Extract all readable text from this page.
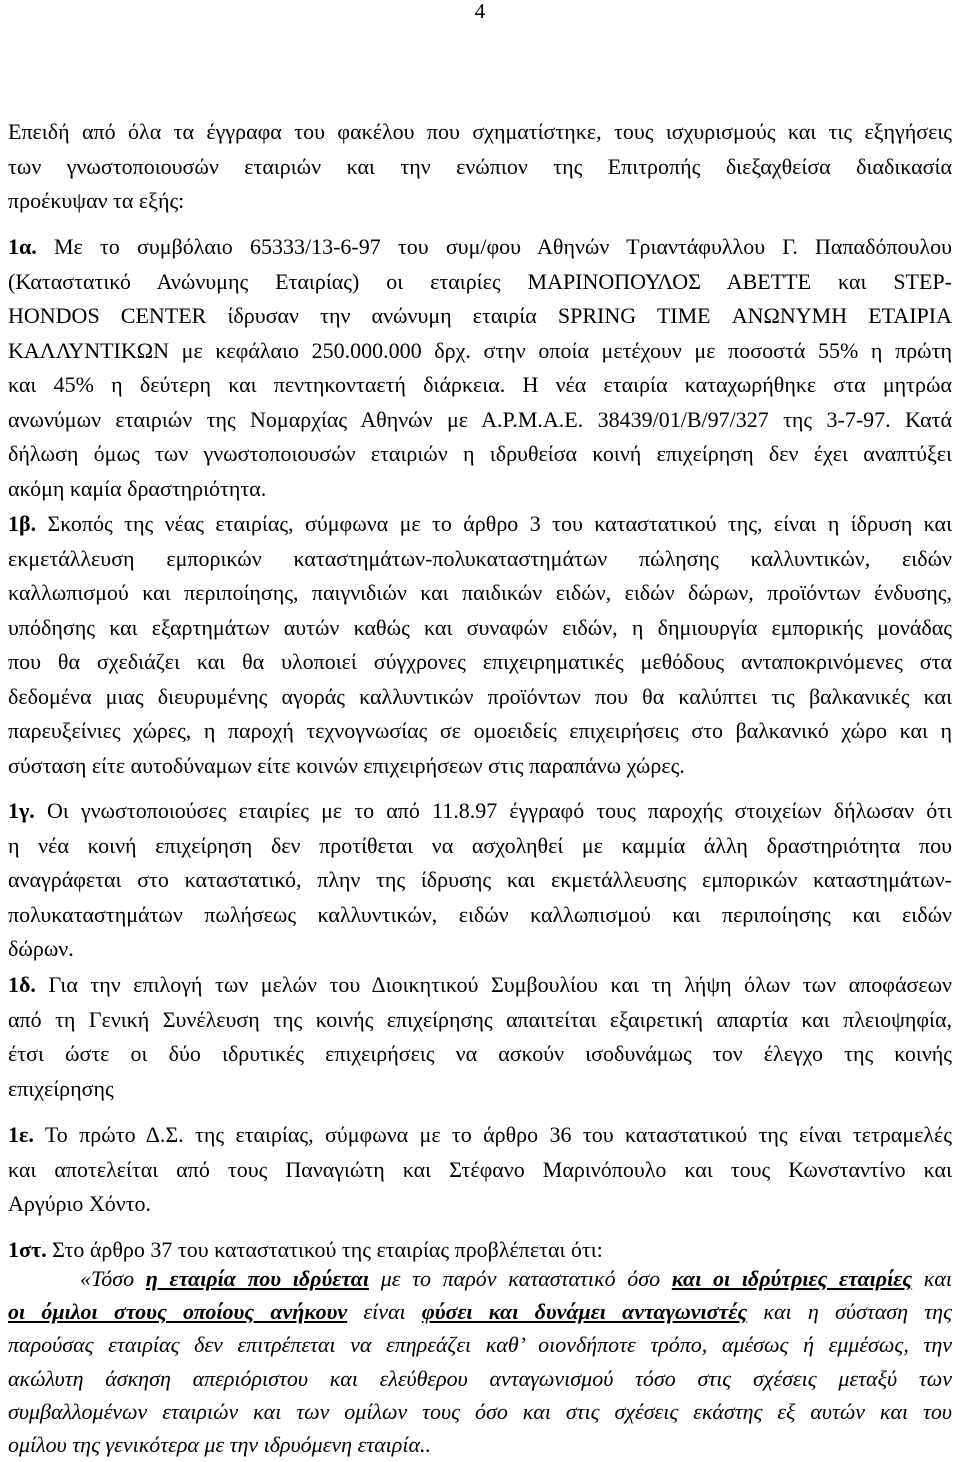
4
Επειδή από όλα τα έγγραφα του φακέλου που σχηματίστηκε, τους ισχυρισμούς και τις εξηγήσεις
των γνωστοποιουσών εταιριών και την ενώπιον της Επιτροπής διεξαχθείσα διαδικασία
προέκυψαν τα εξής:
1α. Με το συμβόλαιο 65333/13-6-97 του συμ/φου Αθηνών Τριαντάφυλλου Γ. Παπαδόπουλου
(Καταστατικό Ανώνυμης Εταιρίας) οι εταιρίες ΜΑΡΙΝΟΠΟΥΛΟΣ ΑΒΕΤΤΕ και STEP-
HONDOS CENTER ίδρυσαν την ανώνυμη εταιρία SPRING TIME ΑΝΩΝΥΜΗ ΕΤΑΙΡΙΑ
ΚΑΛΛΥΝΤΙΚΩΝ με κεφάλαιο 250.000.000 δρχ. στην οποία μετέχουν με ποσοστά 55% η πρώτη
και 45% η δεύτερη και πεντηκονταετή διάρκεια. Η νέα εταιρία καταχωρήθηκε στα μητρώα
ανωνύμων εταιριών της Νομαρχίας Αθηνών με Α.Ρ.Μ.Α.Ε. 38439/01/Β/97/327 της 3-7-97. Κατά
δήλωση όμως των γνωστοποιουσών εταιριών η ιδρυθείσα κοινή επιχείρηση δεν έχει αναπτύξει
ακόμη καμία δραστηριότητα.
1β. Σκοπός της νέας εταιρίας, σύμφωνα με το άρθρο 3 του καταστατικού της, είναι η ίδρυση και
εκμετάλλευση εμπορικών καταστημάτων-πολυκαταστημάτων πώλησης καλλυντικών, ειδών
καλλωπισμού και περιποίησης, παιγνιδιών και παιδικών ειδών, ειδών δώρων, προϊόντων ένδυσης,
υπόδησης και εξαρτημάτων αυτών καθώς και συναφών ειδών, η δημιουργία εμπορικής μονάδας
που θα σχεδιάζει και θα υλοποιεί σύγχρονες επιχειρηματικές μεθόδους ανταποκρινόμενες στα
δεδομένα μιας διευρυμένης αγοράς καλλυντικών προϊόντων που θα καλύπτει τις βαλκανικές και
παρευξείνιες χώρες, η παροχή τεχνογνωσίας σε ομοειδείς επιχειρήσεις στο βαλκανικό χώρο και η
σύσταση είτε αυτοδύναμων είτε κοινών επιχειρήσεων στις παραπάνω χώρες.
1γ. Οι γνωστοποιούσες εταιρίες με το από 11.8.97 έγγραφό τους παροχής στοιχείων δήλωσαν ότι
η νέα κοινή επιχείρηση δεν προτίθεται να ασχοληθεί με καμμία άλλη δραστηριότητα που
αναγράφεται στο καταστατικό, πλην της ίδρυσης και εκμετάλλευσης εμπορικών καταστημάτων-
πολυκαταστημάτων πωλήσεως καλλυντικών, ειδών καλλωπισμού και περιποίησης και ειδών
δώρων.
1δ. Για την επιλογή των μελών του Διοικητικού Συμβουλίου και τη λήψη όλων των αποφάσεων
από τη Γενική Συνέλευση της κοινής επιχείρησης απαιτείται εξαιρετική απαρτία και πλειοψηφία,
έτσι ώστε οι δύο ιδρυτικές επιχειρήσεις να ασκούν ισοδυνάμως τον έλεγχο της κοινής
επιχείρησης
1ε. Το πρώτο Δ.Σ. της εταιρίας, σύμφωνα με το άρθρο 36 του καταστατικού της είναι τετραμελές
και αποτελείται από τους Παναγιώτη και Στέφανο Μαρινόπουλο και τους Κωνσταντίνο και
Αργύριο Χόντο.
1στ. Στο άρθρο 37 του καταστατικού της εταιρίας προβλέπεται ότι:
«Τόσο η εταιρία που ιδρύεται με το παρόν καταστατικό όσο και οι ιδρύτριες εταιρίες και
οι όμιλοι στους οποίους ανήκουν είναι φύσει και δυνάμει ανταγωνιστές και η σύσταση της
παρούσας εταιρίας δεν επιτρέπεται να επηρεάζει καθ’ οιονδήποτε τρόπο, αμέσως ή εμμέσως, την
ακώλυτη άσκηση απεριόριστου και ελεύθερου ανταγωνισμού τόσο στις σχέσεις μεταξύ των
συμβαλλομένων εταιριών και των ομίλων τους όσο και στις σχέσεις εκάστης εξ αυτών και του
ομίλου της γενικότερα με την ιδρυόμενη εταιρία..
